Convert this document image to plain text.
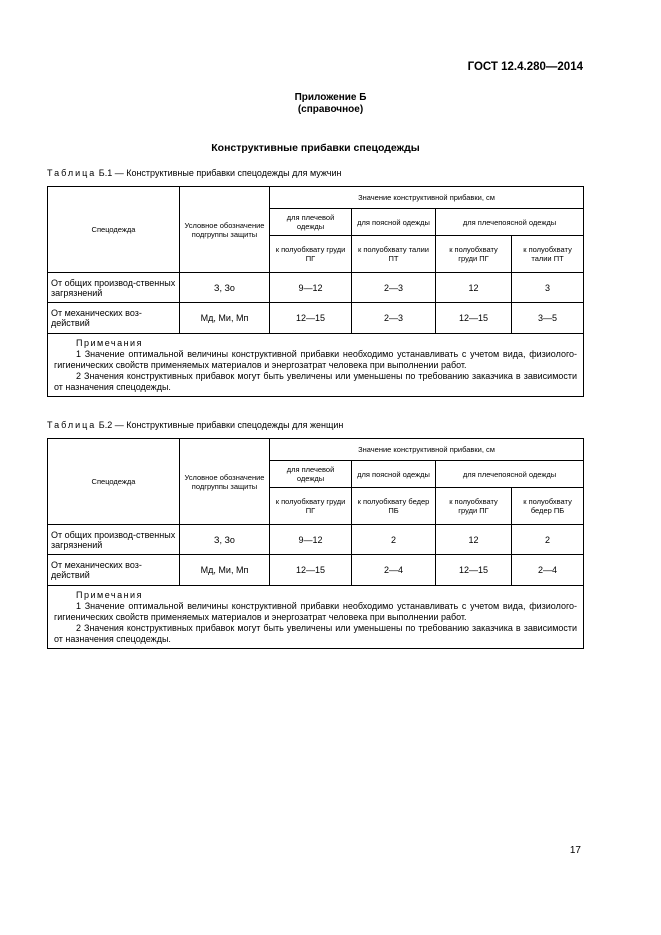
ГОСТ 12.4.280—2014
Приложение Б
(справочное)
Конструктивные прибавки спецодежды
Таблица Б.1 — Конструктивные прибавки спецодежды для мужчин
Спецодежда	Условное обозначение подгруппы защиты	Значение конструктивной прибавки, см			
		для плечевой одежды	для поясной одежды	для плечепоясной одежды	
		к полуобхвату груди ПГ	к полуобхвату талии ПТ	к полуобхвату груди ПГ	к полуобхвату талии ПТ
От общих производ-ственных загрязнений	З, Зо	9—12	2—3	12	3
От механических воз-действий	Мд, Ми, Мп	12—15	2—3	12—15	3—5

Примечания
1 Значение оптимальной величины конструктивной прибавки необходимо устанавливать с учетом вида, физиолого-гигиенических свойств применяемых материалов и энергозатрат человека при выполнении работ.
2 Значения конструктивных прибавок могут быть увеличены или уменьшены по требованию заказчика в зависимости от назначения спецодежды.					
Таблица Б.2 — Конструктивные прибавки спецодежды для женщин
Спецодежда	Условное обозначение подгруппы защиты	Значение конструктивной прибавки, см			
		для плечевой одежды	для поясной одежды	для плечепоясной одежды	
		к полуобхвату груди ПГ	к полуобхвату бедер ПБ	к полуобхвату груди ПГ	к полуобхвату бедер ПБ
От общих производ-ственных загрязнений	З, Зо	9—12	2	12	2
От механических воз-действий	Мд, Ми, Мп	12—15	2—4	12—15	2—4

Примечания
1 Значение оптимальной величины конструктивной прибавки необходимо устанавливать с учетом вида, физиолого-гигиенических свойств применяемых материалов и энергозатрат человека при выполнении работ.
2 Значения конструктивных прибавок могут быть увеличены или уменьшены по требованию заказчика в зависимости от назначения спецодежды.					
17
